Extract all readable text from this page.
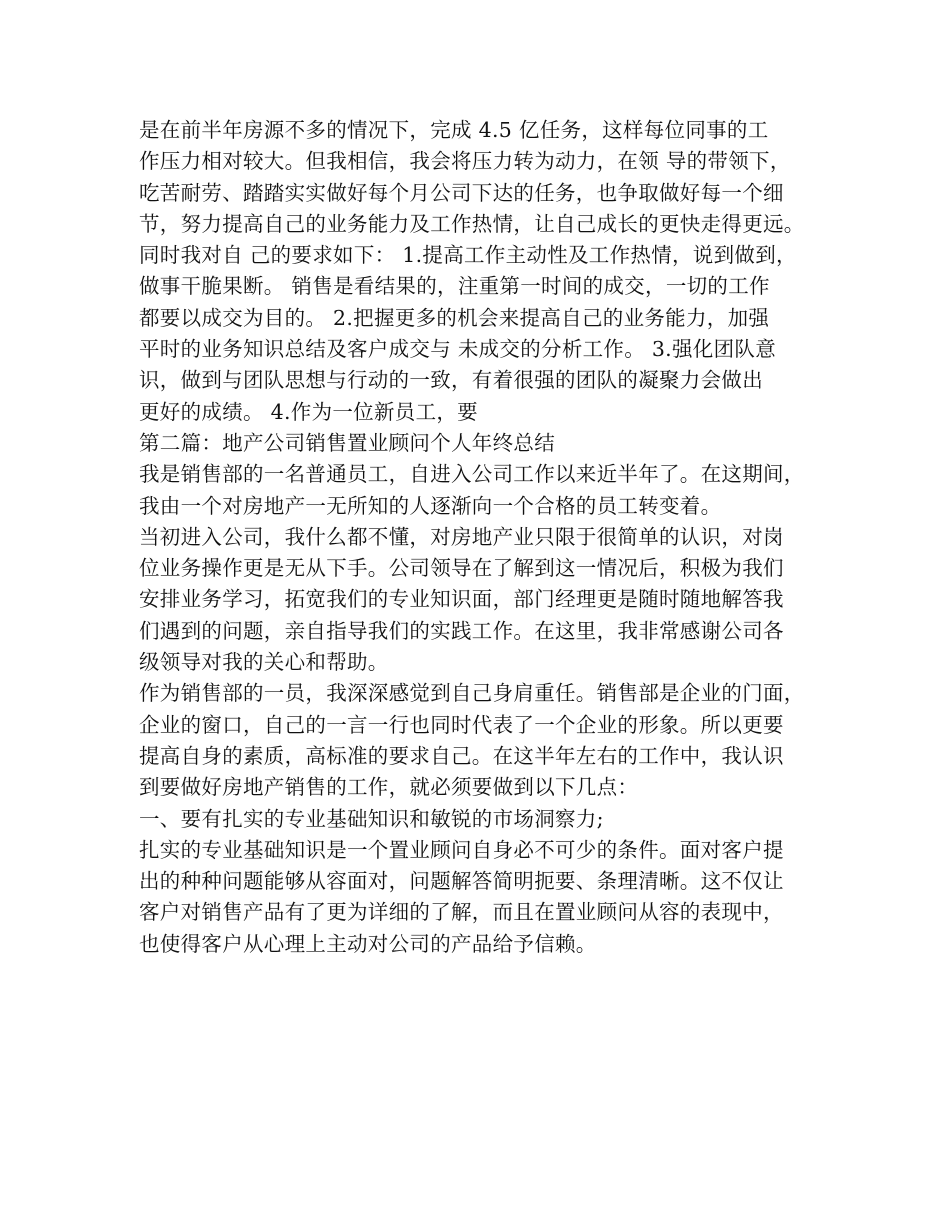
是在前半年房源不多的情况下，完成 4.5 亿任务，这样每位同事的工
作压力相对较大。但我相信，我会将压力转为动力，在领 导的带领下，
吃苦耐劳、踏踏实实做好每个月公司下达的任务，也争取做好每一个细
节，努力提高自己的业务能力及工作热情，让自己成长的更快走得更远。
同时我对自 己的要求如下： 1.提高工作主动性及工作热情，说到做到，
做事干脆果断。 销售是看结果的，注重第一时间的成交，一切的工作
都要以成交为目的。 2.把握更多的机会来提高自己的业务能力，加强
平时的业务知识总结及客户成交与 未成交的分析工作。 3.强化团队意
识，做到与团队思想与行动的一致，有着很强的团队的凝聚力会做出
更好的成绩。 4.作为一位新员工，要

第二篇：地产公司销售置业顾问个人年终总结

我是销售部的一名普通员工，自进入公司工作以来近半年了。在这期间，
我由一个对房地产一无所知的人逐渐向一个合格的员工转变着。

当初进入公司，我什么都不懂，对房地产业只限于很简单的认识，对岗
位业务操作更是无从下手。公司领导在了解到这一情况后，积极为我们
安排业务学习，拓宽我们的专业知识面，部门经理更是随时随地解答我
们遇到的问题，亲自指导我们的实践工作。在这里，我非常感谢公司各
级领导对我的关心和帮助。

作为销售部的一员，我深深感觉到自己身肩重任。销售部是企业的门面，
企业的窗口，自己的一言一行也同时代表了一个企业的形象。所以更要
提高自身的素质，高标准的要求自己。在这半年左右的工作中，我认识
到要做好房地产销售的工作，就必须要做到以下几点：

一、要有扎实的专业基础知识和敏锐的市场洞察力;

扎实的专业基础知识是一个置业顾问自身必不可少的条件。面对客户提
出的种种问题能够从容面对，问题解答简明扼要、条理清晰。这不仅让
客户对销售产品有了更为详细的了解，而且在置业顾问从容的表现中，
也使得客户从心理上主动对公司的产品给予信赖。
